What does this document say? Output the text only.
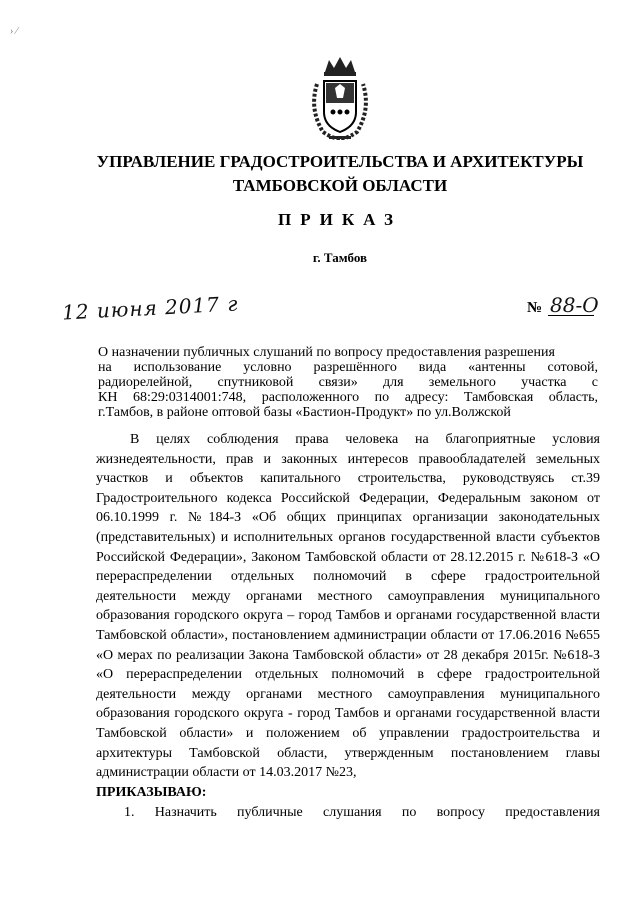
› ⁄
УПРАВЛЕНИЕ ГРАДОСТРОИТЕЛЬСТВА И АРХИТЕКТУРЫ
ТАМБОВСКОЙ ОБЛАСТИ
ПРИКАЗ
г. Тамбов
12 июня 2017 г	№ 88-О

О назначении публичных слушаний по вопросу предоставления разрешения

на использование условно разрешённого вида «антенны сотовой,

радиорелейной, спутниковой связи» для земельного участка с

КН 68:29:0314001:748, расположенного по адресу: Тамбовская область,

г.Тамбов, в районе оптовой базы «Бастион-Продукт» по ул.Волжской

В целях соблюдения права человека на благоприятные условия жизнедеятельности, прав и законных интересов правообладателей земельных участков и объектов капитального строительства, руководствуясь ст.39 Градостроительного кодекса Российской Федерации, Федеральным законом от 06.10.1999 г. №184-З «Об общих принципах организации законодательных (представительных) и исполнительных органов государственной власти субъектов Российской Федерации», Законом Тамбовской области от 28.12.2015 г. №618-З «О перераспределении отдельных полномочий в сфере градостроительной деятельности между органами местного самоуправления муниципального образования городского округа – город Тамбов и органами государственной власти Тамбовской области», постановлением администрации области от 17.06.2016 №655 «О мерах по реализации Закона Тамбовской области» от 28 декабря 2015г. №618-З «О перераспределении отдельных полномочий в сфере градостроительной деятельности между органами местного самоуправления муниципального образования городского округа - город Тамбов и органами государственной власти Тамбовской области» и положением об управлении градостроительства и архитектуры Тамбовской области, утвержденным постановлением главы администрации области от 14.03.2017 №23,

ПРИКАЗЫВАЮ:
1. Назначить публичные слушания по вопросу предоставления
